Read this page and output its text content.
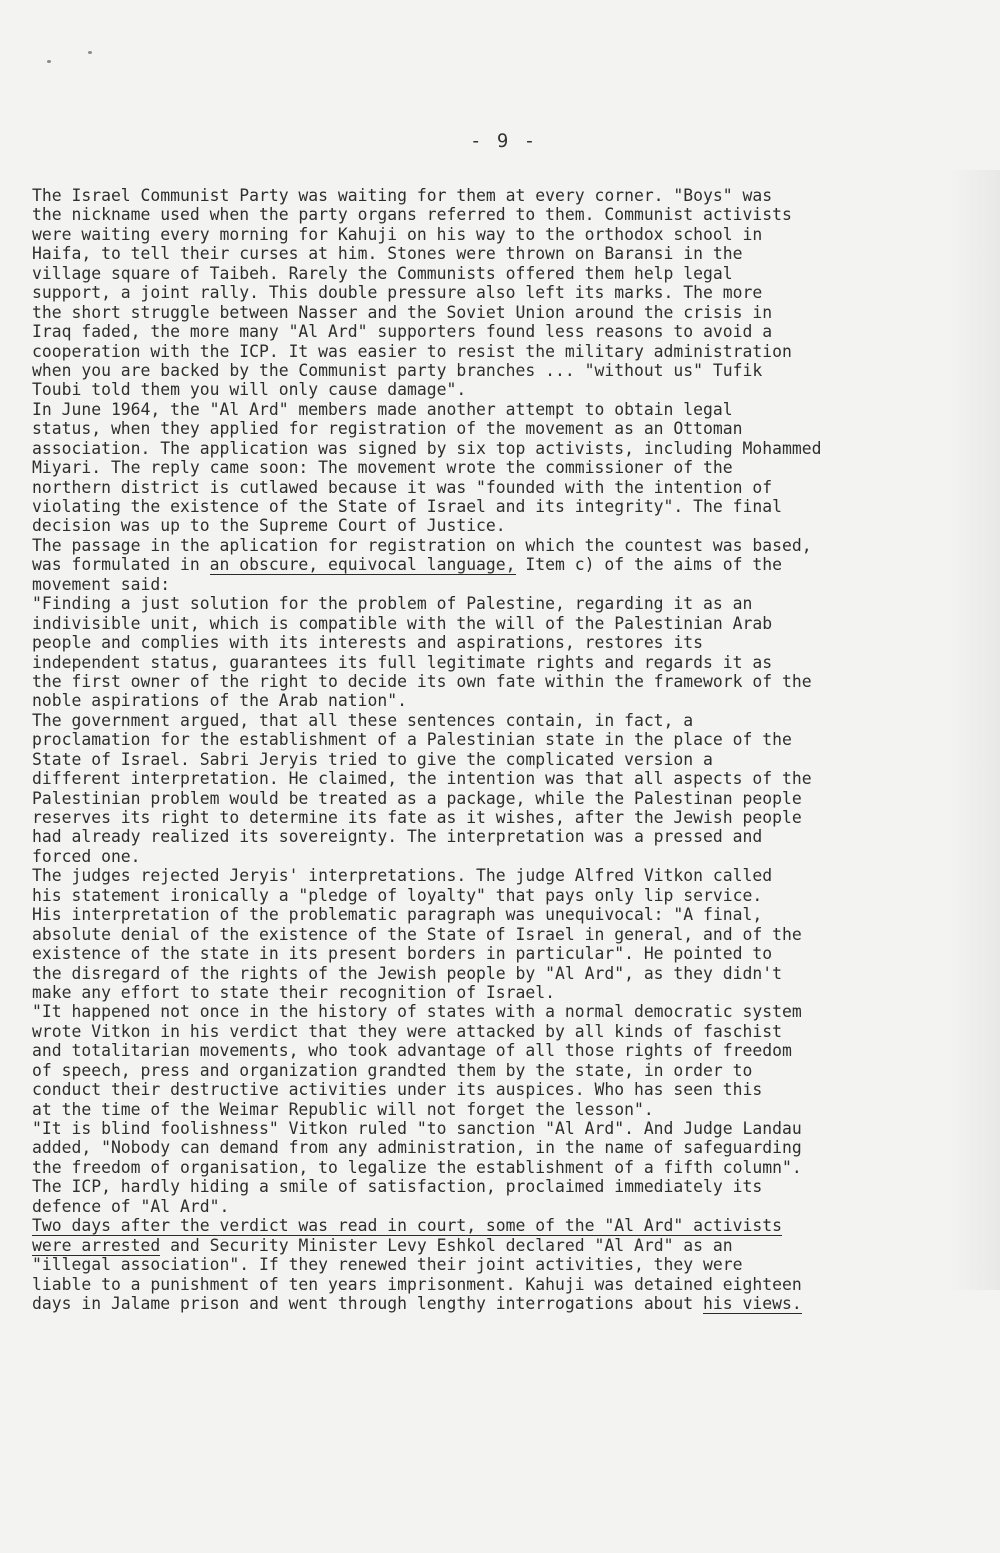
- 9 -
The Israel Communist Party was waiting for them at every corner. "Boys" was
the nickname used when the party organs referred to them. Communist activists
were waiting every morning for Kahuji on his way to the orthodox school in
Haifa, to tell their curses at him. Stones were thrown on Baransi in the
village square of Taibeh. Rarely the Communists offered them help legal
support, a joint rally. This double pressure also left its marks. The more
the short struggle between Nasser and the Soviet Union around the crisis in
Iraq faded, the more many "Al Ard" supporters found less reasons to avoid a
cooperation with the ICP. It was easier to resist the military administration
when you are backed by the Communist party branches ... "without us" Tufik
Toubi told them you will only cause damage".
In June 1964, the "Al Ard" members made another attempt to obtain legal
status, when they applied for registration of the movement as an Ottoman
association. The application was signed by six top activists, including Mohammed
Miyari. The reply came soon: The movement wrote the commissioner of the
northern district is cutlawed because it was "founded with the intention of
violating the existence of the State of Israel and its integrity". The final
decision was up to the Supreme Court of Justice.
The passage in the aplication for registration on which the countest was based,
was formulated in an obscure, equivocal language, Item c) of the aims of the
movement said:
"Finding a just solution for the problem of Palestine, regarding it as an
indivisible unit, which is compatible with the will of the Palestinian Arab
people and complies with its interests and aspirations, restores its
independent status, guarantees its full legitimate rights and regards it as
the first owner of the right to decide its own fate within the framework of the
noble aspirations of the Arab nation".
The government argued, that all these sentences contain, in fact, a
proclamation for the establishment of a Palestinian state in the place of the
State of Israel. Sabri Jeryis tried to give the complicated version a
different interpretation. He claimed, the intention was that all aspects of the
Palestinian problem would be treated as a package, while the Palestinan people
reserves its right to determine its fate as it wishes, after the Jewish people
had already realized its sovereignty. The interpretation was a pressed and
forced one.
The judges rejected Jeryis' interpretations. The judge Alfred Vitkon called
his statement ironically a "pledge of loyalty" that pays only lip service.
His interpretation of the problematic paragraph was unequivocal: "A final,
absolute denial of the existence of the State of Israel in general, and of the
existence of the state in its present borders in particular". He pointed to
the disregard of the rights of the Jewish people by "Al Ard", as they didn't
make any effort to state their recognition of Israel.
"It happened not once in the history of states with a normal democratic system
wrote Vitkon in his verdict that they were attacked by all kinds of faschist
and totalitarian movements, who took advantage of all those rights of freedom
of speech, press and organization grandted them by the state, in order to
conduct their destructive activities under its auspices. Who has seen this
at the time of the Weimar Republic will not forget the lesson".
"It is blind foolishness" Vitkon ruled "to sanction "Al Ard". And Judge Landau
added, "Nobody can demand from any administration, in the name of safeguarding
the freedom of organisation, to legalize the establishment of a fifth column".
The ICP, hardly hiding a smile of satisfaction, proclaimed immediately its
defence of "Al Ard".
Two days after the verdict was read in court, some of the "Al Ard" activists
were arrested and Security Minister Levy Eshkol declared "Al Ard" as an
"illegal association". If they renewed their joint activities, they were
liable to a punishment of ten years imprisonment. Kahuji was detained eighteen
days in Jalame prison and went through lengthy interrogations about his views.
